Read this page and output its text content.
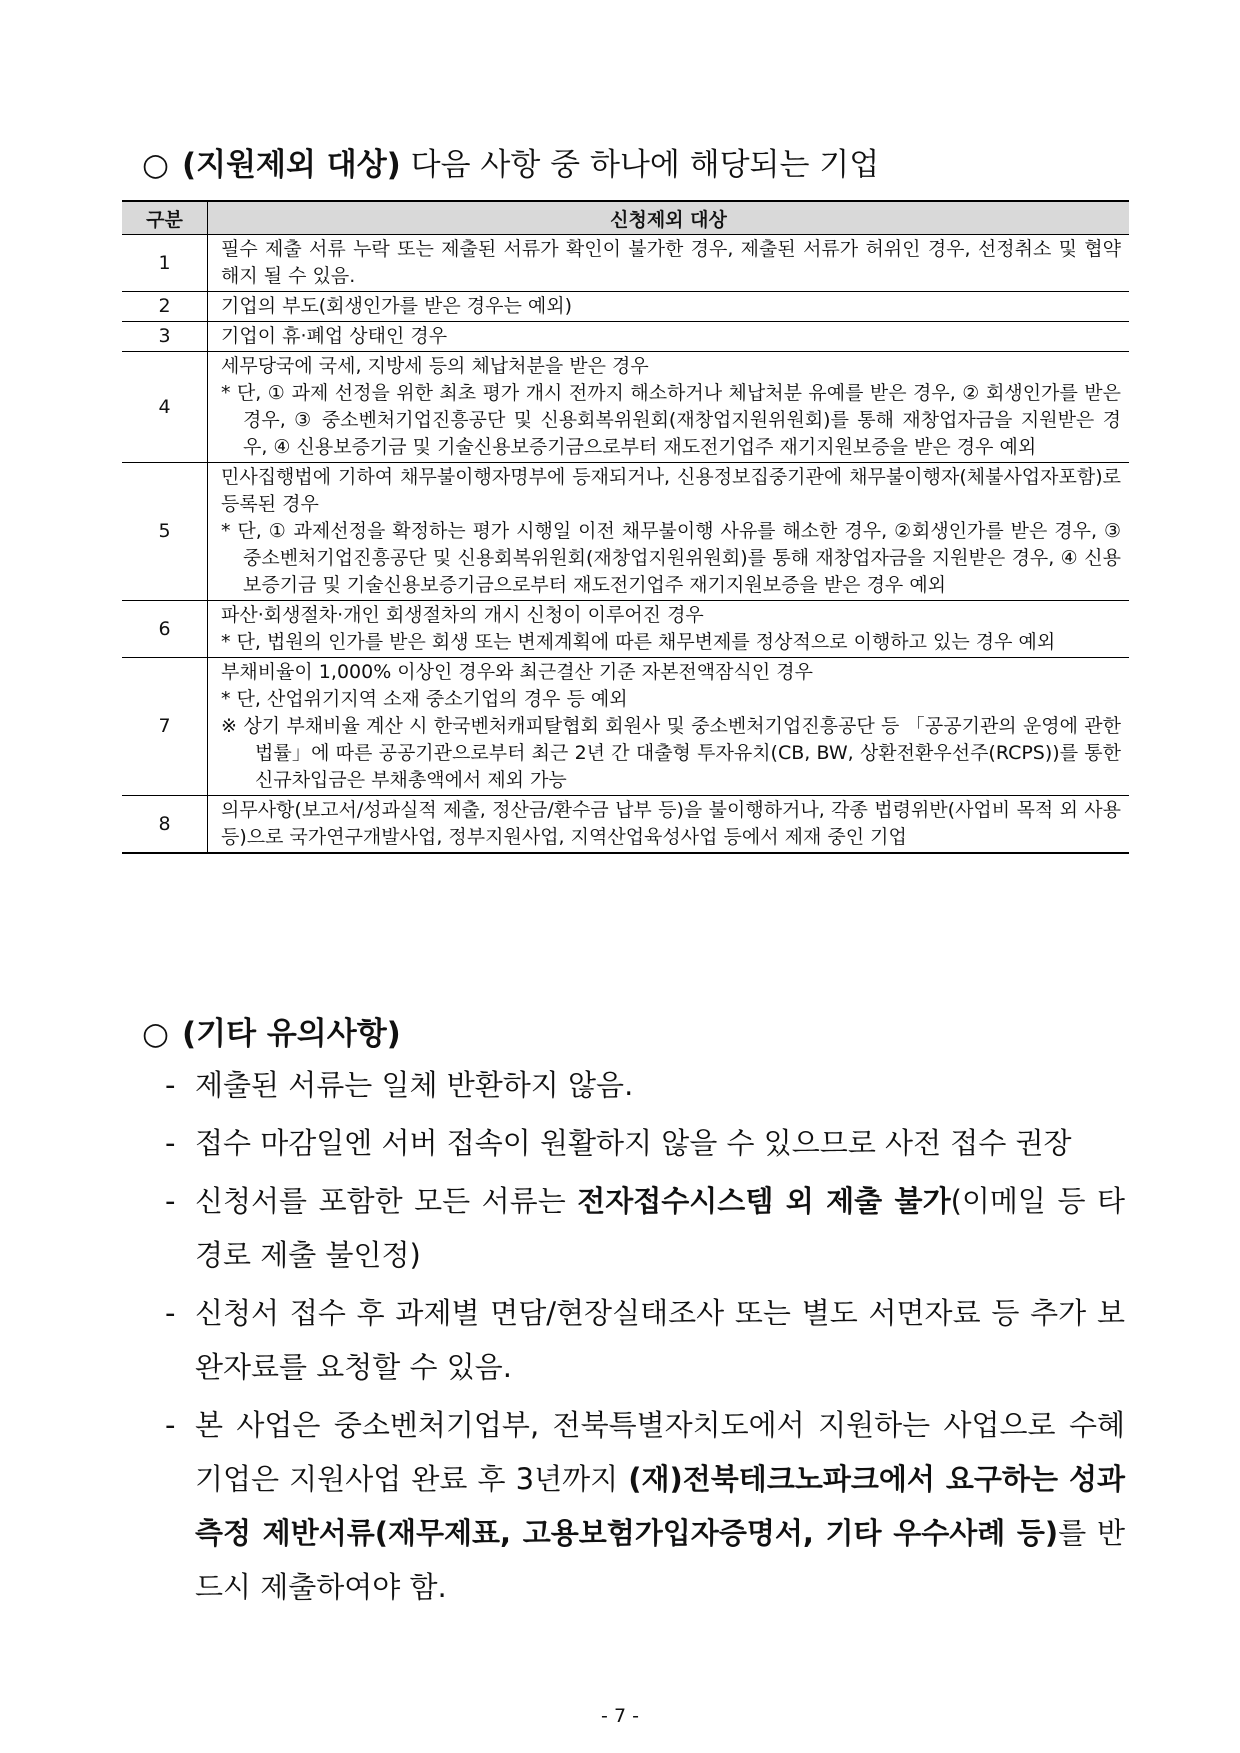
○ (지원제외 대상) 다음 사항 중 하나에 해당되는 기업
구분	신청제외 대상
1	필수 제출 서류 누락 또는 제출된 서류가 확인이 불가한 경우, 제출된 서류가 허위인 경우, 선정취소 및 협약 해지 될 수 있음.

2	기업의 부도(회생인가를 받은 경우는 예외)

3	기업이 휴·폐업 상태인 경우

4	세무당국에 국세, 지방세 등의 체납처분을 받은 경우
* 단, ① 과제 선정을 위한 최초 평가 개시 전까지 해소하거나 체납처분 유예를 받은 경우, ② 회생인가를 받은 경우, ③ 중소벤처기업진흥공단 및 신용회복위원회(재창업지원위원회)를 통해 재창업자금을 지원받은 경우, ④ 신용보증기금 및 기술신용보증기금으로부터 재도전기업주 재기지원보증을 받은 경우 예외

5	민사집행법에 기하여 채무불이행자명부에 등재되거나, 신용정보집중기관에 채무불이행자(체불사업자포함)로 등록된 경우
* 단, ① 과제선정을 확정하는 평가 시행일 이전 채무불이행 사유를 해소한 경우, ②회생인가를 받은 경우, ③ 중소벤처기업진흥공단 및 신용회복위원회(재창업지원위원회)를 통해 재창업자금을 지원받은 경우, ④ 신용보증기금 및 기술신용보증기금으로부터 재도전기업주 재기지원보증을 받은 경우 예외

6	파산·회생절차·개인 회생절차의 개시 신청이 이루어진 경우
* 단, 법원의 인가를 받은 회생 또는 변제계획에 따른 채무변제를 정상적으로 이행하고 있는 경우 예외

7	부채비율이 1,000% 이상인 경우와 최근결산 기준 자본전액잠식인 경우
* 단, 산업위기지역 소재 중소기업의 경우 등 예외
※ 상기 부채비율 계산 시 한국벤처캐피탈협회 회원사 및 중소벤처기업진흥공단 등 「공공기관의 운영에 관한 법률」에 따른 공공기관으로부터 최근 2년 간 대출형 투자유치(CB, BW, 상환전환우선주(RCPS))를 통한 신규차입금은 부채총액에서 제외 가능

8	의무사항(보고서/성과실적 제출, 정산금/환수금 납부 등)을 불이행하거나, 각종 법령위반(사업비 목적 외 사용 등)으로 국가연구개발사업, 정부지원사업, 지역산업육성사업 등에서 제재 중인 기업
○ (기타 유의사항)
- 제출된 서류는 일체 반환하지 않음.
- 접수 마감일엔 서버 접속이 원활하지 않을 수 있으므로 사전 접수 권장
- 신청서를 포함한 모든 서류는 전자접수시스템 외 제출 불가(이메일 등 타 경로 제출 불인정)
- 신청서 접수 후 과제별 면담/현장실태조사 또는 별도 서면자료 등 추가 보완자료를 요청할 수 있음.
- 본 사업은 중소벤처기업부, 전북특별자치도에서 지원하는 사업으로 수혜기업은 지원사업 완료 후 3년까지 (재)전북테크노파크에서 요구하는 성과측정 제반서류(재무제표, 고용보험가입자증명서, 기타 우수사례 등)를 반드시 제출하여야 함.
- 7 -
